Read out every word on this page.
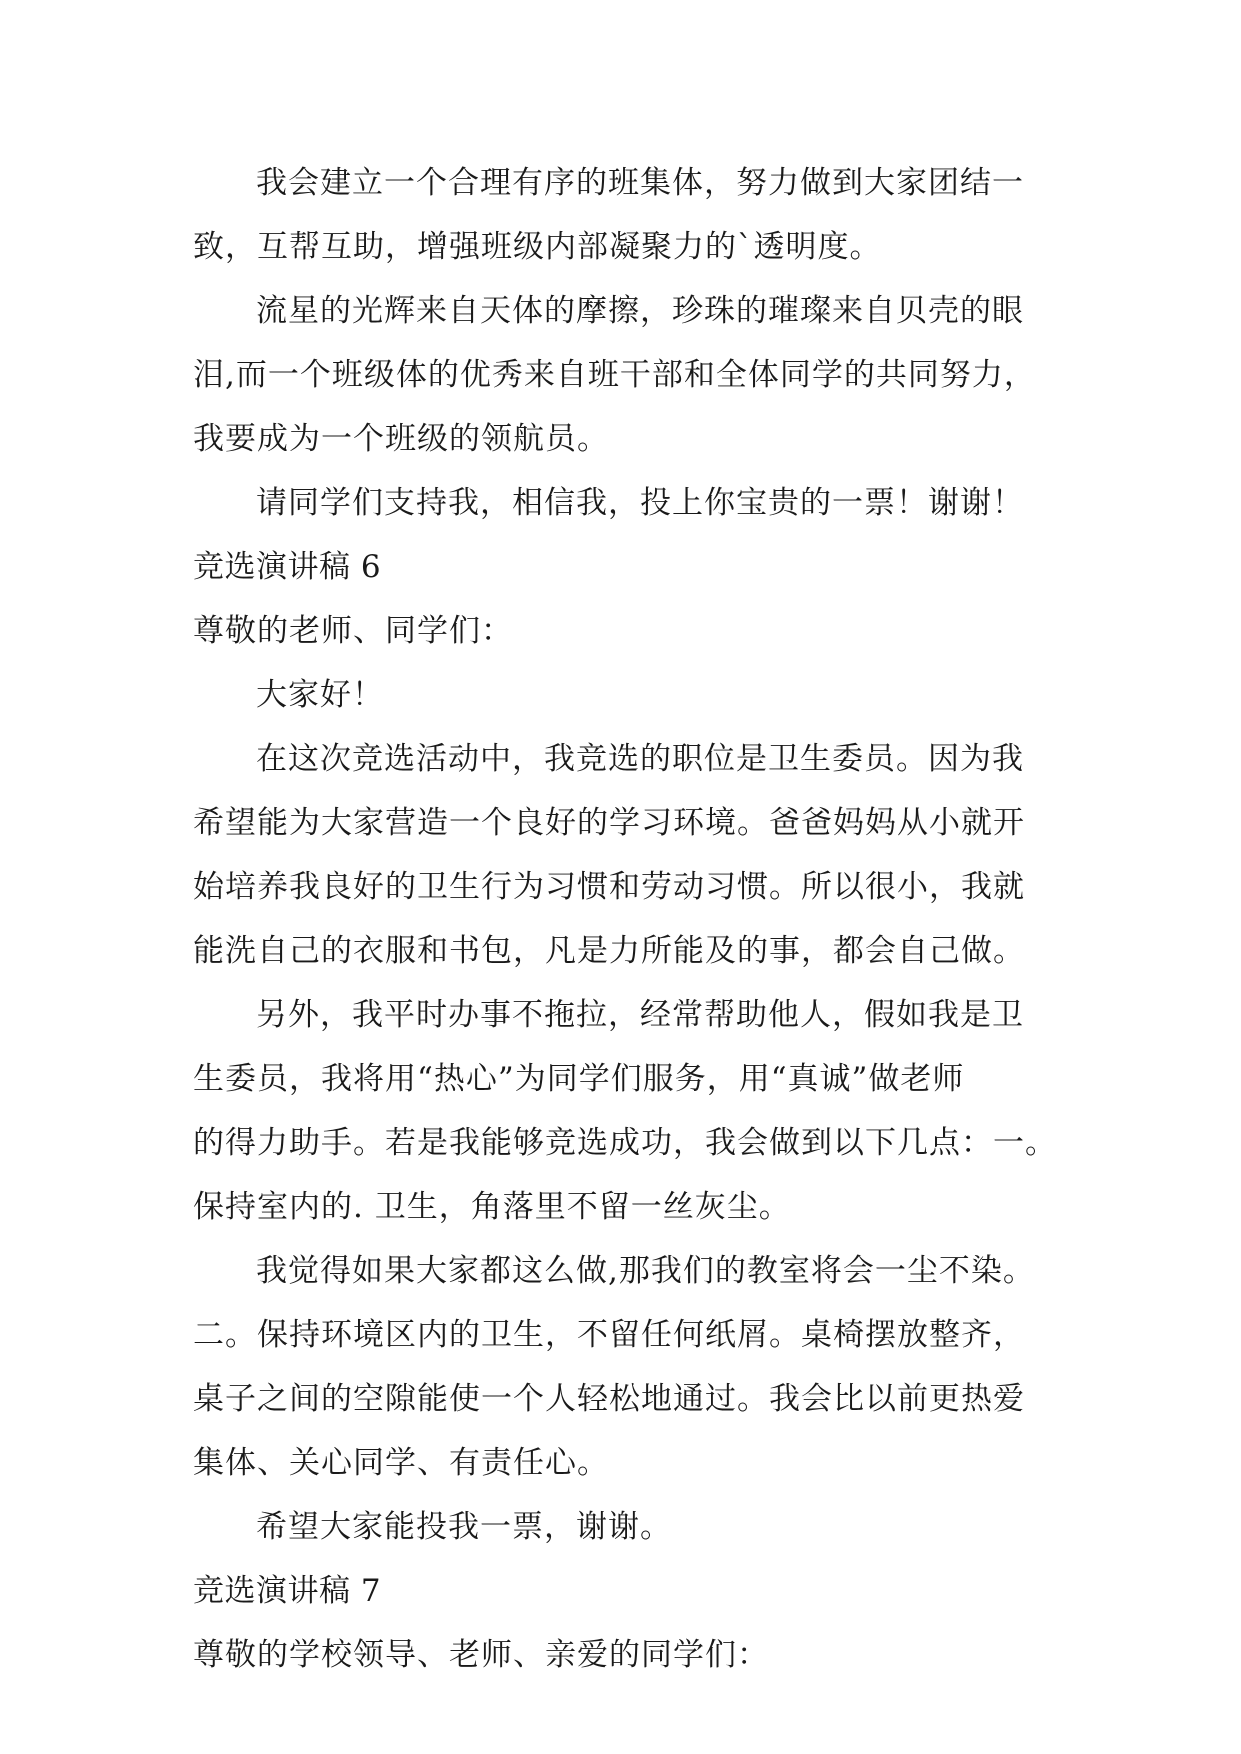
我会建立一个合理有序的班集体，努力做到大家团结一
致，互帮互助，增强班级内部凝聚力的`透明度。
流星的光辉来自天体的摩擦，珍珠的璀璨来自贝壳的眼
泪,而一个班级体的优秀来自班干部和全体同学的共同努力，
我要成为一个班级的领航员。
请同学们支持我，相信我，投上你宝贵的一票！谢谢！
竞选演讲稿 6
尊敬的老师、同学们：
大家好！
在这次竞选活动中，我竞选的职位是卫生委员。因为我
希望能为大家营造一个良好的学习环境。爸爸妈妈从小就开
始培养我良好的卫生行为习惯和劳动习惯。所以很小，我就
能洗自己的衣服和书包，凡是力所能及的事，都会自己做。
另外，我平时办事不拖拉，经常帮助他人，假如我是卫
生委员，我将用“热心”为同学们服务，用“真诚”做老师
的得力助手。若是我能够竞选成功，我会做到以下几点：一。
保持室内的. 卫生，角落里不留一丝灰尘。
我觉得如果大家都这么做,那我们的教室将会一尘不染。
二。保持环境区内的卫生，不留任何纸屑。桌椅摆放整齐，
桌子之间的空隙能使一个人轻松地通过。我会比以前更热爱
集体、关心同学、有责任心。
希望大家能投我一票，谢谢。
竞选演讲稿 7
尊敬的学校领导、老师、亲爱的同学们：
